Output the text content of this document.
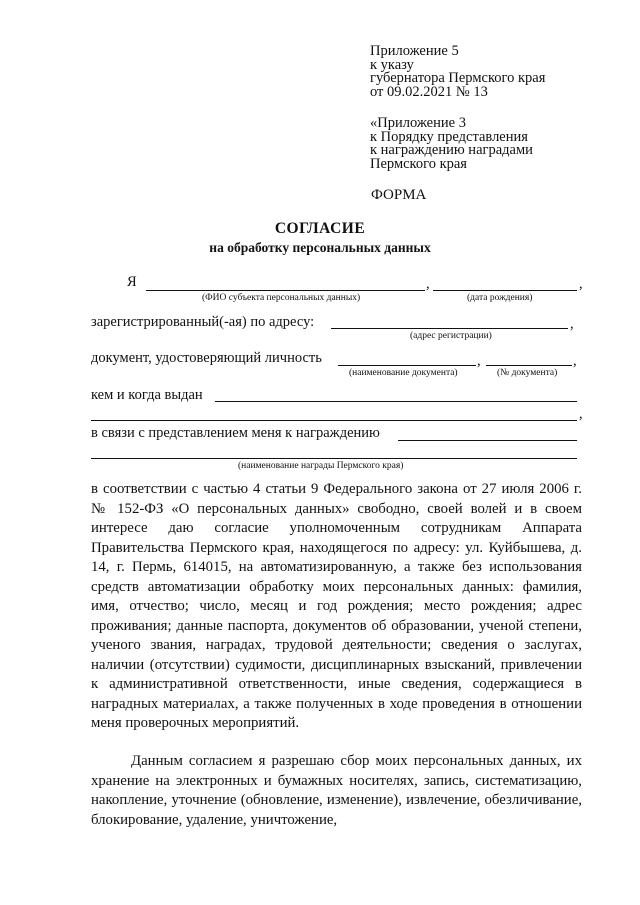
Приложение 5
к указу
губернатора Пермского края
от 09.02.2021 № 13
«Приложение 3
к Порядку представления
к награждению наградами
Пермского края
ФОРМА
СОГЛАСИЕ
на обработку персональных данных
Я	,	,
(ФИО субъекта персональных данных)	(дата рождения)
зарегистрированный(-ая) по адресу:	,
(адрес регистрации)
документ, удостоверяющий личность	,	,
(наименование документа)	(№ документа)
кем и когда выдан
,
в связи с представлением меня к награждению
(наименование награды Пермского края)
в соответствии с частью 4 статьи 9 Федерального закона от 27 июля 2006 г. № 152-ФЗ «О персональных данных» свободно, своей волей и в своем интересе даю согласие уполномоченным сотрудникам Аппарата Правительства Пермского края, находящегося по адресу: ул. Куйбышева, д. 14, г. Пермь, 614015, на автоматизированную, а также без использования средств автоматизации обработку моих персональных данных: фамилия, имя, отчество; число, месяц и год рождения; место рождения; адрес проживания; данные паспорта, документов об образовании, ученой степени, ученого звания, наградах, трудовой деятельности; сведения о заслугах, наличии (отсутствии) судимости, дисциплинарных взысканий, привлечении к административной ответственности, иные сведения, содержащиеся в наградных материалах, а также полученных в ходе проведения в отношении меня проверочных мероприятий.
Данным согласием я разрешаю сбор моих персональных данных, их хранение на электронных и бумажных носителях, запись, систематизацию, накопление, уточнение (обновление, изменение), извлечение, обезличивание, блокирование, удаление, уничтожение,
